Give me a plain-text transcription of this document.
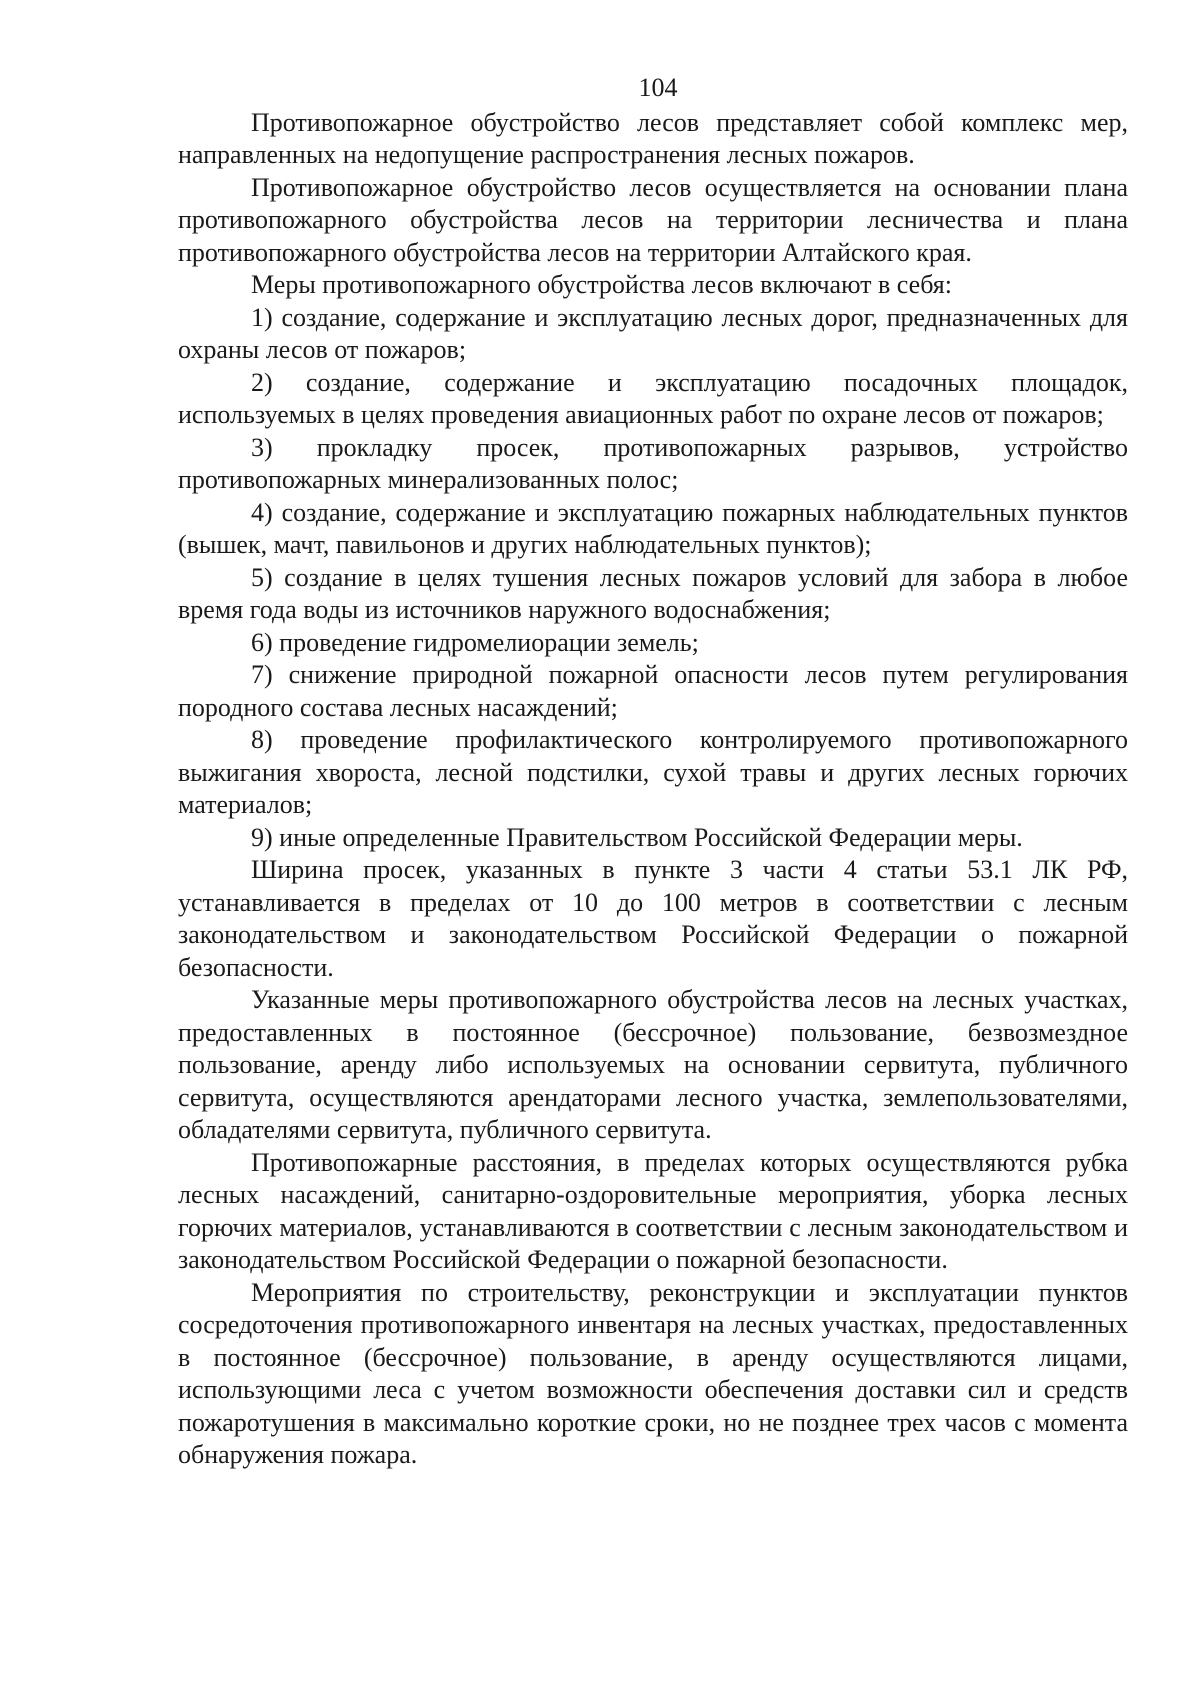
104

Противопожарное обустройство лесов представляет собой комплекс мер, направленных на недопущение распространения лесных пожаров.

Противопожарное обустройство лесов осуществляется на основании плана противопожарного обустройства лесов на территории лесничества и плана противопожарного обустройства лесов на территории Алтайского края.

Меры противопожарного обустройства лесов включают в себя:

1) создание, содержание и эксплуатацию лесных дорог, предназначенных для охраны лесов от пожаров;

2) создание, содержание и эксплуатацию посадочных площадок, используемых в целях проведения авиационных работ по охране лесов от пожаров;

3) прокладку просек, противопожарных разрывов, устройство противопожарных минерализованных полос;

4) создание, содержание и эксплуатацию пожарных наблюдательных пунктов (вышек, мачт, павильонов и других наблюдательных пунктов);

5) создание в целях тушения лесных пожаров условий для забора в любое время года воды из источников наружного водоснабжения;

6) проведение гидромелиорации земель;

7) снижение природной пожарной опасности лесов путем регулирования породного состава лесных насаждений;

8) проведение профилактического контролируемого противопожарного выжигания хвороста, лесной подстилки, сухой травы и других лесных горючих материалов;

9) иные определенные Правительством Российской Федерации меры.

Ширина просек, указанных в пункте 3 части 4 статьи 53.1 ЛК РФ, устанавливается в пределах от 10 до 100 метров в соответствии с лесным законодательством и законодательством Российской Федерации о пожарной безопасности.

Указанные меры противопожарного обустройства лесов на лесных участках, предоставленных в постоянное (бессрочное) пользование, безвозмездное пользование, аренду либо используемых на основании сервитута, публичного сервитута, осуществляются арендаторами лесного участка, землепользователями, обладателями сервитута, публичного сервитута.

Противопожарные расстояния, в пределах которых осуществляются рубка лесных насаждений, санитарно-оздоровительные мероприятия, уборка лесных горючих материалов, устанавливаются в соответствии с лесным законодательством и законодательством Российской Федерации о пожарной безопасности.

Мероприятия по строительству, реконструкции и эксплуатации пунктов сосредоточения противопожарного инвентаря на лесных участках, предоставленных в постоянное (бессрочное) пользование, в аренду осуществляются лицами, использующими леса с учетом возможности обеспечения доставки сил и средств пожаротушения в максимально короткие сроки, но не позднее трех часов с момента обнаружения пожара.
